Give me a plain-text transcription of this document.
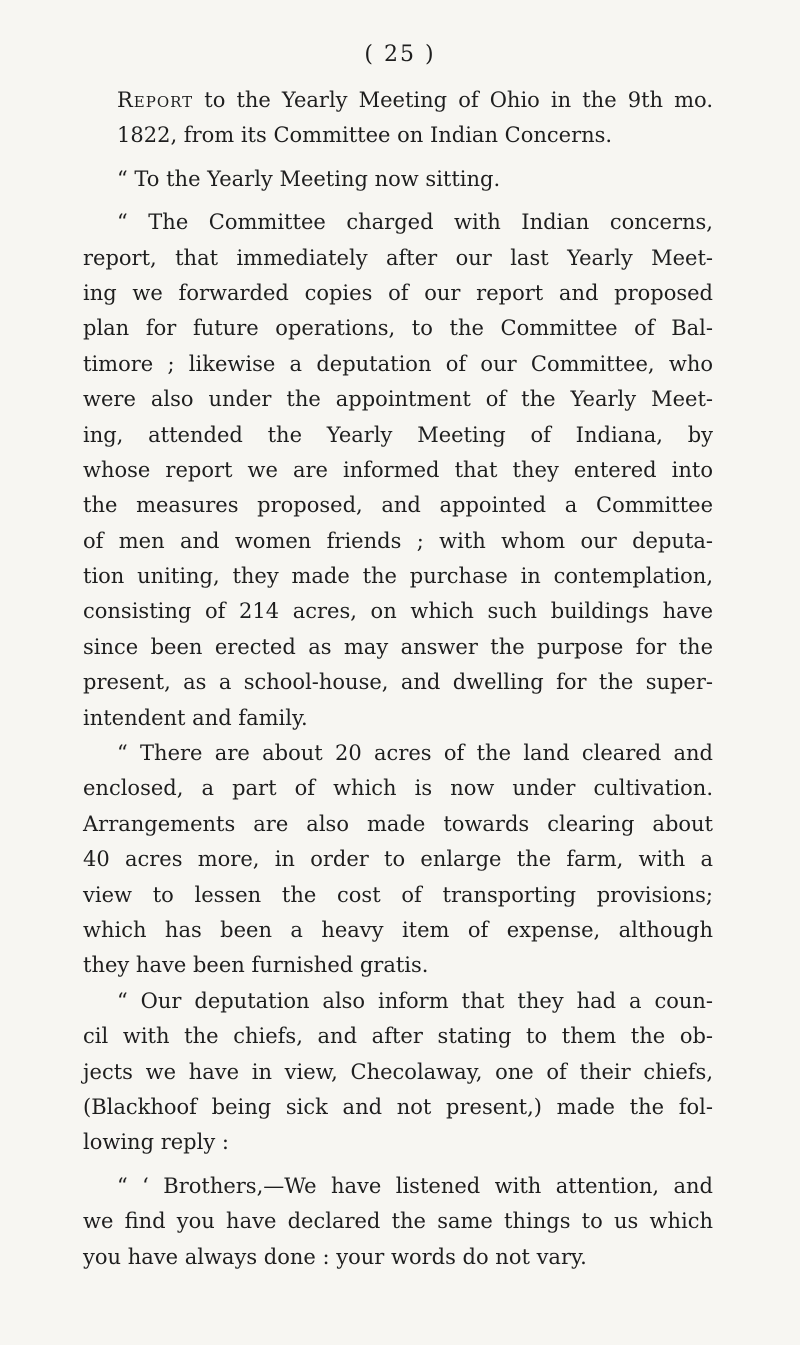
( 25 )
Report to the Yearly Meeting of Ohio in the 9th mo.
1822, from its Committee on Indian Concerns.
“ To the Yearly Meeting now sitting.
“ The Committee charged with Indian concerns,
report, that immediately after our last Yearly Meet-
ing we forwarded copies of our report and proposed
plan for future operations, to the Committee of Bal-
timore ; likewise a deputation of our Committee, who
were also under the appointment of the Yearly Meet-
ing, attended the Yearly Meeting of Indiana, by
whose report we are informed that they entered into
the measures proposed, and appointed a Committee
of men and women friends ; with whom our deputa-
tion uniting, they made the purchase in contemplation,
consisting of 214 acres, on which such buildings have
since been erected as may answer the purpose for the
present, as a school-house, and dwelling for the super-
intendent and family.
“ There are about 20 acres of the land cleared and
enclosed, a part of which is now under cultivation.
Arrangements are also made towards clearing about
40 acres more, in order to enlarge the farm, with a
view to lessen the cost of transporting provisions;
which has been a heavy item of expense, although
they have been furnished gratis.
“ Our deputation also inform that they had a coun-
cil with the chiefs, and after stating to them the ob-
jects we have in view, Checolaway, one of their chiefs,
(Blackhoof being sick and not present,) made the fol-
lowing reply :
“ ‘ Brothers,—We have listened with attention, and
we find you have declared the same things to us which
you have always done : your words do not vary.
